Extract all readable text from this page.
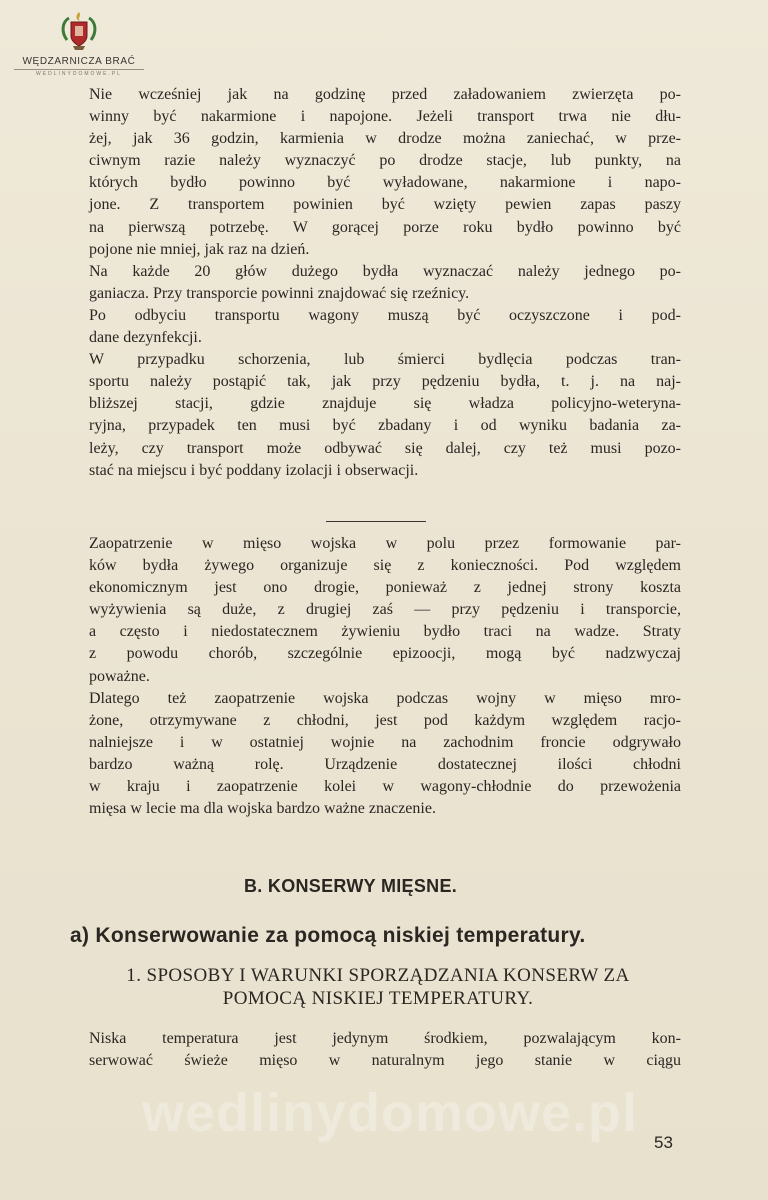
WĘDZARNICZA BRAĆ
WEDLINYDOMOWE.PL
Nie wcześniej jak na godzinę przed załadowaniem zwierzęta po-
winny być nakarmione i napojone. Jeżeli transport trwa nie dłu-
żej, jak 36 godzin, karmienia w drodze można zaniechać, w prze-
ciwnym razie należy wyznaczyć po drodze stacje, lub punkty, na
których bydło powinno być wyładowane, nakarmione i napo-
jone. Z transportem powinien być wzięty pewien zapas paszy
na pierwszą potrzebę. W gorącej porze roku bydło powinno być
pojone nie mniej, jak raz na dzień.
Na każde 20 głów dużego bydła wyznaczać należy jednego po-
ganiacza. Przy transporcie powinni znajdować się rzeźnicy.
Po odbyciu transportu wagony muszą być oczyszczone i pod-
dane dezynfekcji.
W przypadku schorzenia, lub śmierci bydlęcia podczas tran-
sportu należy postąpić tak, jak przy pędzeniu bydła, t. j. na naj-
bliższej stacji, gdzie znajduje się władza policyjno-weteryna-
ryjna, przypadek ten musi być zbadany i od wyniku badania za-
leży, czy transport może odbywać się dalej, czy też musi pozo-
stać na miejscu i być poddany izolacji i obserwacji.
Zaopatrzenie w mięso wojska w polu przez formowanie par-
ków bydła żywego organizuje się z konieczności. Pod względem
ekonomicznym jest ono drogie, ponieważ z jednej strony koszta
wyżywienia są duże, z drugiej zaś — przy pędzeniu i transporcie,
a często i niedostatecznem żywieniu bydło traci na wadze. Straty
z powodu chorób, szczególnie epizoocji, mogą być nadzwyczaj
poważne.
Dlatego też zaopatrzenie wojska podczas wojny w mięso mro-
żone, otrzymywane z chłodni, jest pod każdym względem racjo-
nalniejsze i w ostatniej wojnie na zachodnim froncie odgrywało
bardzo ważną rolę. Urządzenie dostatecznej ilości chłodni
w kraju i zaopatrzenie kolei w wagony-chłodnie do przewożenia
mięsa w lecie ma dla wojska bardzo ważne znaczenie.
B. KONSERWY MIĘSNE.
a) Konserwowanie za pomocą niskiej temperatury.
1. SPOSOBY I WARUNKI SPORZĄDZANIA KONSERW ZA
POMOCĄ NISKIEJ TEMPERATURY.
Niska temperatura jest jedynym środkiem, pozwalającym kon-
serwować świeże mięso w naturalnym jego stanie w ciągu
wedlinydomowe.pl 53
